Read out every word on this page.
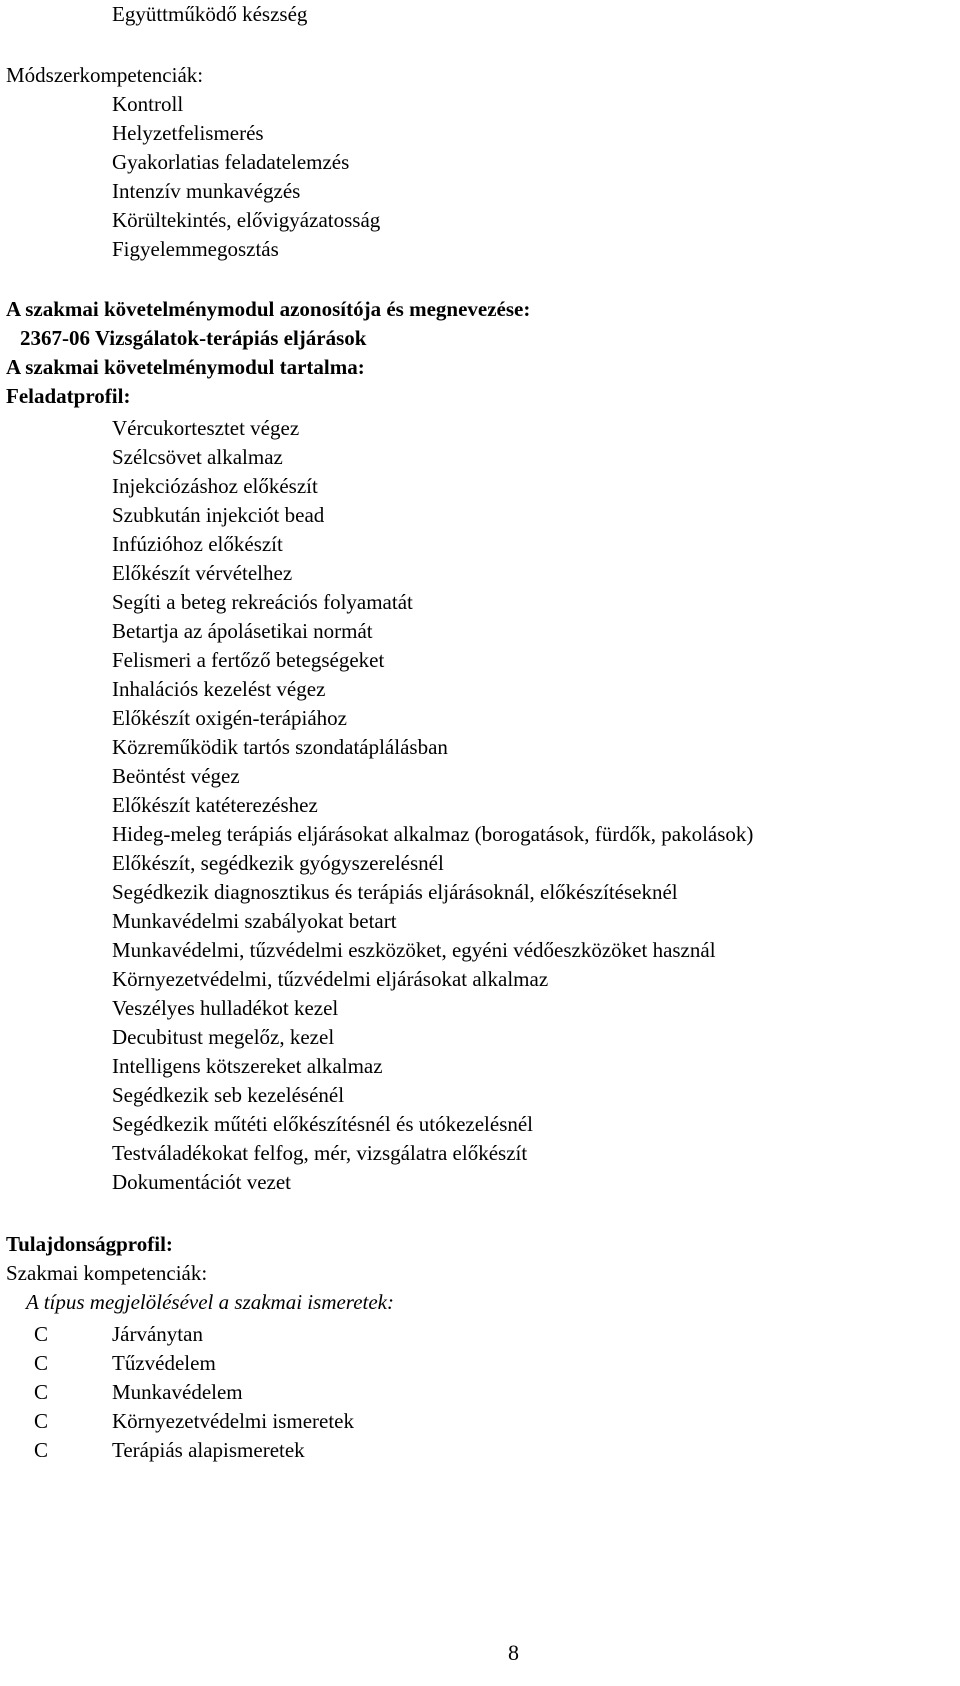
Együttműködő készség
Módszerkompetenciák:
Kontroll
Helyzetfelismerés
Gyakorlatias feladatelemzés
Intenzív munkavégzés
Körültekintés, elővigyázatosság
Figyelemmegosztás
A szakmai követelménymodul azonosítója és megnevezése:
2367-06 Vizsgálatok-terápiás eljárások
A szakmai követelménymodul tartalma:
Feladatprofil:
Vércukortesztet végez
Szélcsövet alkalmaz
Injekciózáshoz előkészít
Szubkután injekciót bead
Infúzióhoz előkészít
Előkészít vérvételhez
Segíti a beteg rekreációs folyamatát
Betartja az ápolásetikai normát
Felismeri a fertőző betegségeket
Inhalációs kezelést végez
Előkészít oxigén-terápiához
Közreműködik tartós szondatáplálásban
Beöntést végez
Előkészít katéterezéshez
Hideg-meleg terápiás eljárásokat alkalmaz (borogatások, fürdők, pakolások)
Előkészít, segédkezik gyógyszerelésnél
Segédkezik diagnosztikus és terápiás eljárásoknál, előkészítéseknél
Munkavédelmi szabályokat betart
Munkavédelmi, tűzvédelmi eszközöket, egyéni védőeszközöket használ
Környezetvédelmi, tűzvédelmi eljárásokat alkalmaz
Veszélyes hulladékot kezel
Decubitust megelőz, kezel
Intelligens kötszereket alkalmaz
Segédkezik seb kezelésénél
Segédkezik műtéti előkészítésnél és utókezelésnél
Testváladékokat felfog, mér, vizsgálatra előkészít
Dokumentációt vezet
Tulajdonságprofil:
Szakmai kompetenciák:
A típus megjelölésével a szakmai ismeretek:
C	Járványtan
C	Tűzvédelem
C	Munkavédelem
C	Környezetvédelmi ismeretek
C	Terápiás alapismeretek
8
